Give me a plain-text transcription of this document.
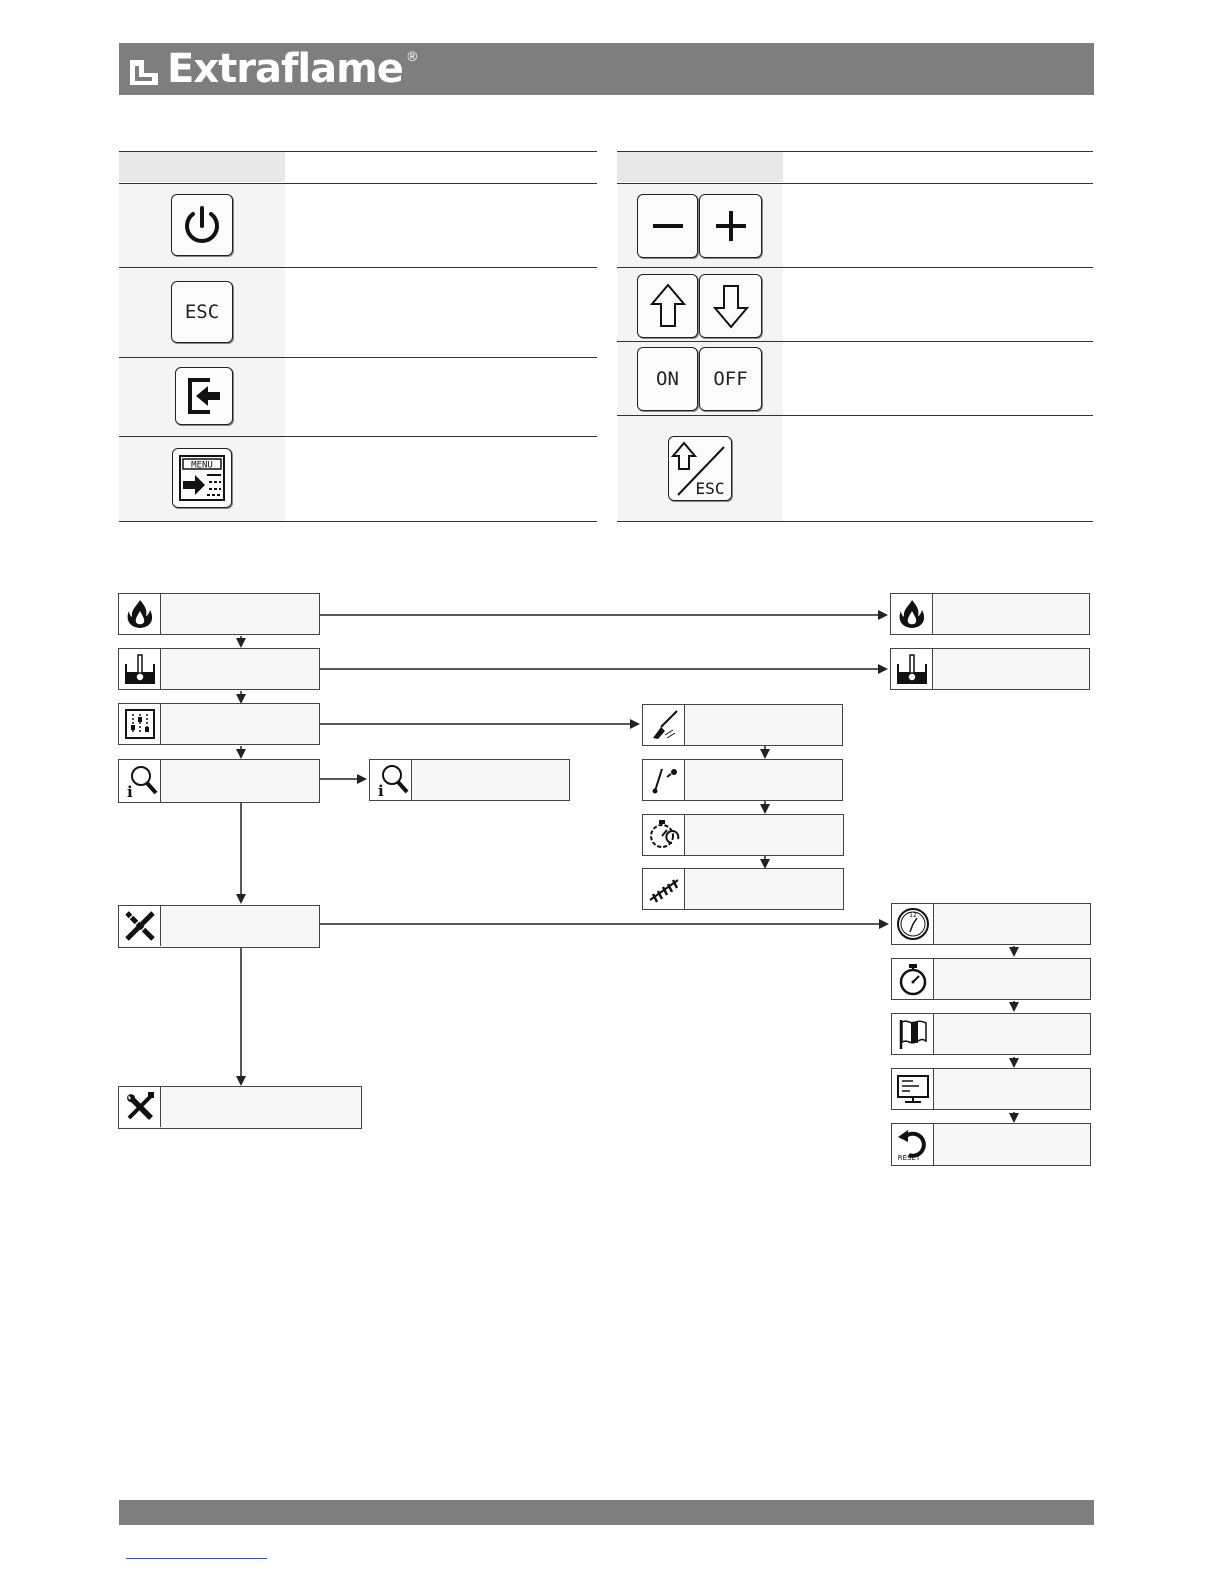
Extraflame ®
ESC
MENU
ON OFF
ESC
i	i
12
RESET
